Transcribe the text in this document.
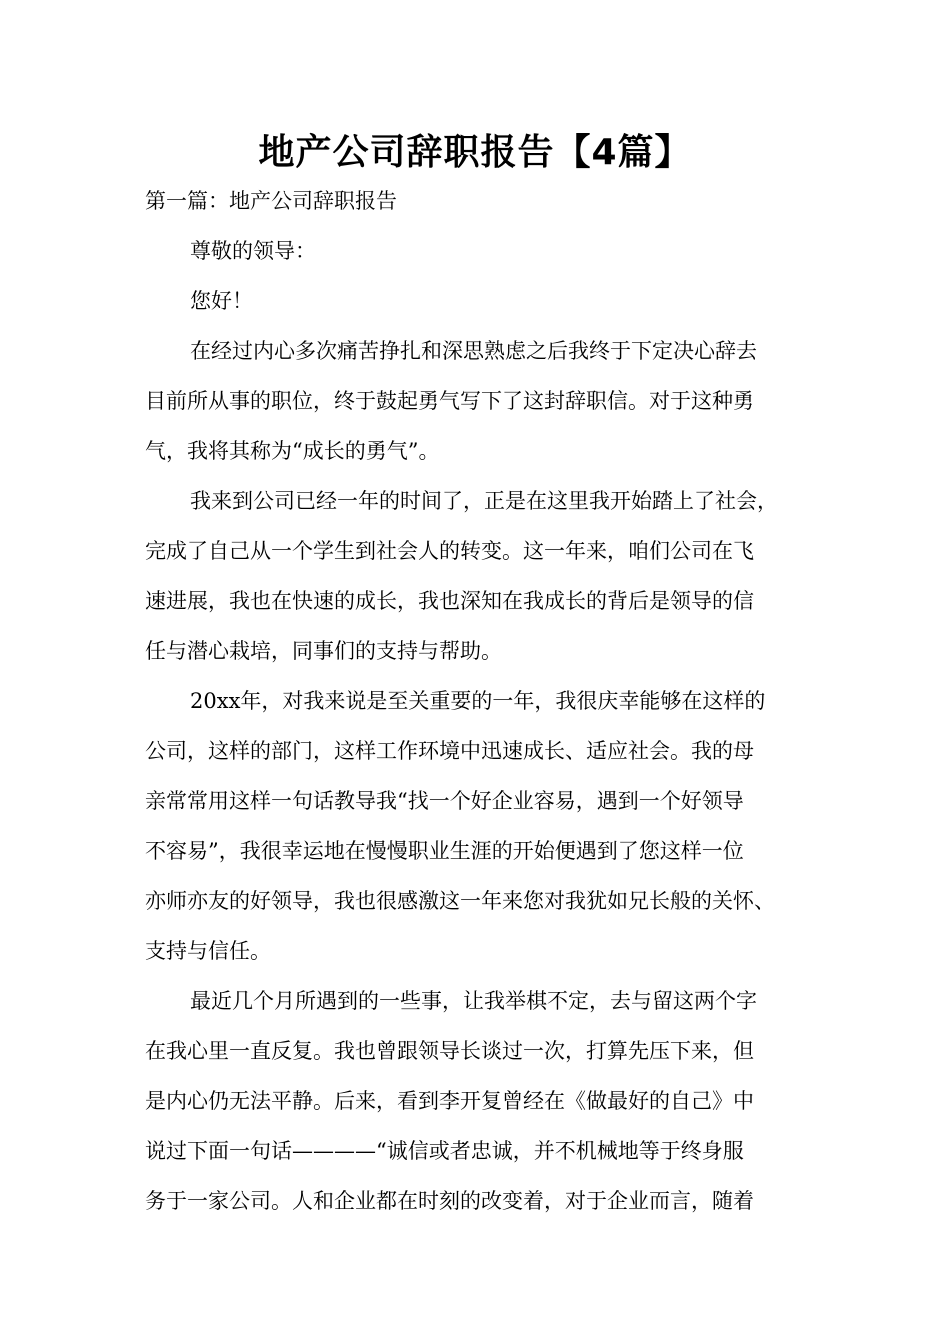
地产公司辞职报告【4篇】

第一篇：地产公司辞职报告

尊敬的领导：

您好！

在经过内心多次痛苦挣扎和深思熟虑之后我终于下定决心辞去

目前所从事的职位，终于鼓起勇气写下了这封辞职信。对于这种勇

气，我将其称为“成长的勇气”。

我来到公司已经一年的时间了，正是在这里我开始踏上了社会，

完成了自己从一个学生到社会人的转变。这一年来，咱们公司在飞

速进展，我也在快速的成长，我也深知在我成长的背后是领导的信

任与潜心栽培，同事们的支持与帮助。

20xx年，对我来说是至关重要的一年，我很庆幸能够在这样的

公司，这样的部门，这样工作环境中迅速成长、适应社会。我的母

亲常常用这样一句话教导我“找一个好企业容易，遇到一个好领导

不容易”，我很幸运地在慢慢职业生涯的开始便遇到了您这样一位

亦师亦友的好领导，我也很感激这一年来您对我犹如兄长般的关怀、

支持与信任。

最近几个月所遇到的一些事，让我举棋不定，去与留这两个字

在我心里一直反复。我也曾跟领导长谈过一次，打算先压下来，但

是内心仍无法平静。后来，看到李开复曾经在《做最好的自己》中

说过下面一句话————“诚信或者忠诚，并不机械地等于终身服

务于一家公司。人和企业都在时刻的改变着，对于企业而言，随着
